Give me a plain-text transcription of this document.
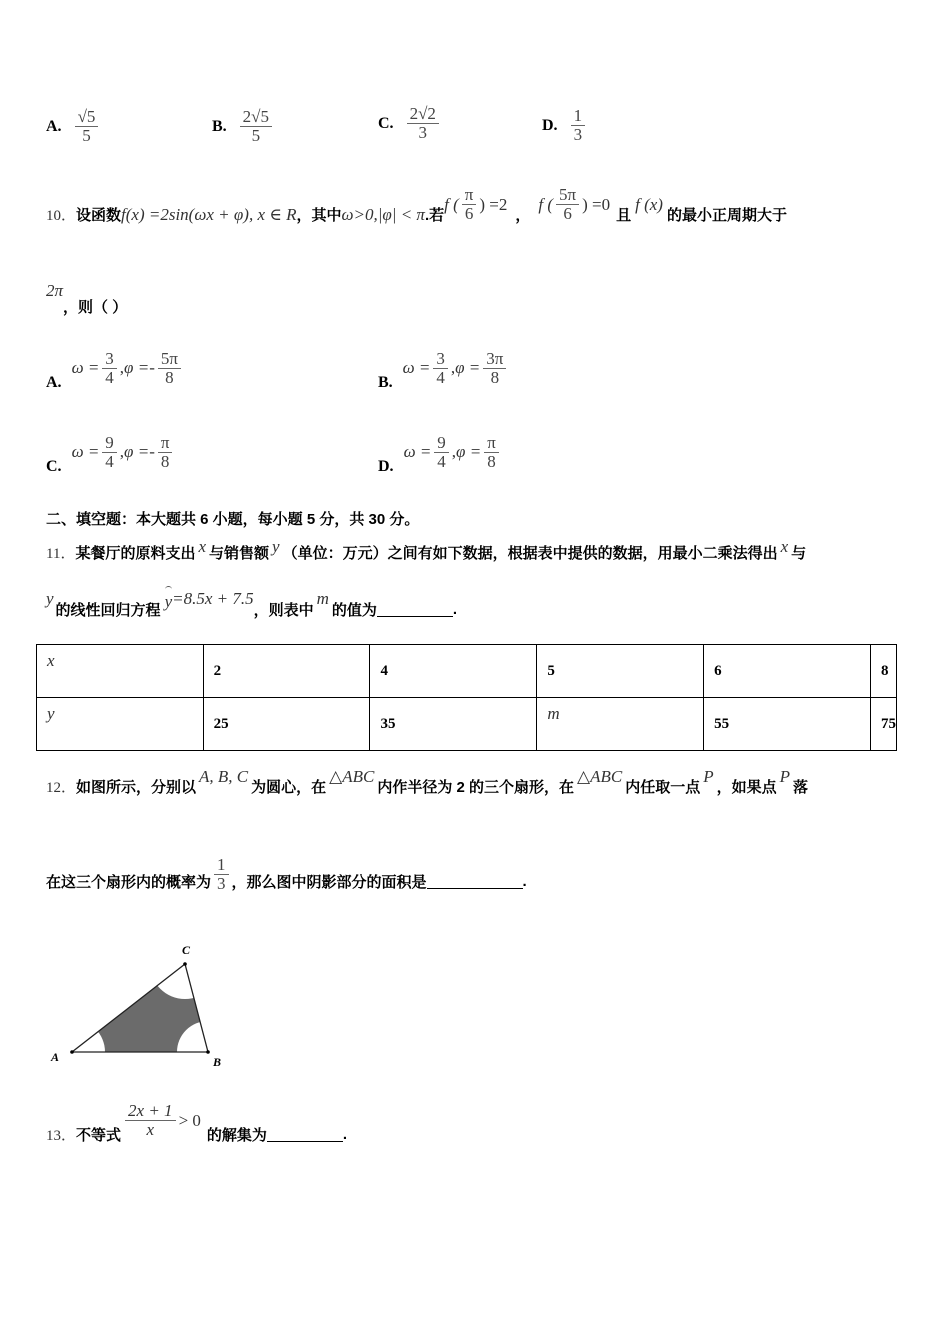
A. $\frac{√5}{5}$	B. $\frac{2√5}{5}$	C. $\frac{2√2}{3}$	D. $\frac{1}{3}$
10． 设函数 f(x) =2sin(ωx + φ) , x ∈ R ，其中 ω>0, |φ| < π .若
f ( $\frac{\pi}{6}$ ) =2
，
f ( $\frac{5\pi}{6}$ ) =0
且
f (x)
的最小正周期大于
2π
，则（ ）
A.
$\omega = \frac{3}{4}$ , φ = - $\frac{5\pi}{8}$	B.
$\omega = \frac{3}{4}$ , $\varphi = \frac{3\pi}{8}$
C.
$\omega = \frac{9}{4}$ , φ = - $\frac{\pi}{8}$	D.
$\omega = \frac{9}{4}$ , $\varphi = \frac{\pi}{8}$
二、填空题：本大题共 6 小题，每小题 5 分，共 30 分。
11． 某餐厅的原料支出 x 与销售额 y （单位：万元）之间有如下数据，根据表中提供的数据，用最小二乘法得出 x 与
y
的线性回归方程 y =8.5x + 7.5
，则表中
m
的值为	.
x	2	4	5	6	8
y	25	35	m	55	75
12． 如图所示，分别以
A, B, C
为圆心，在
△ABC
内作半径为 2 的三个扇形，在
△ABC
内任取一点
P
，如果点
P
落
在这三个扇形内的概率为 $\frac{1}{3}$ ，那么图中阴影部分的面积是	.
A	B
C
13． 不等式 $\frac{2x + 1}{x} > 0$
的解集为	.
